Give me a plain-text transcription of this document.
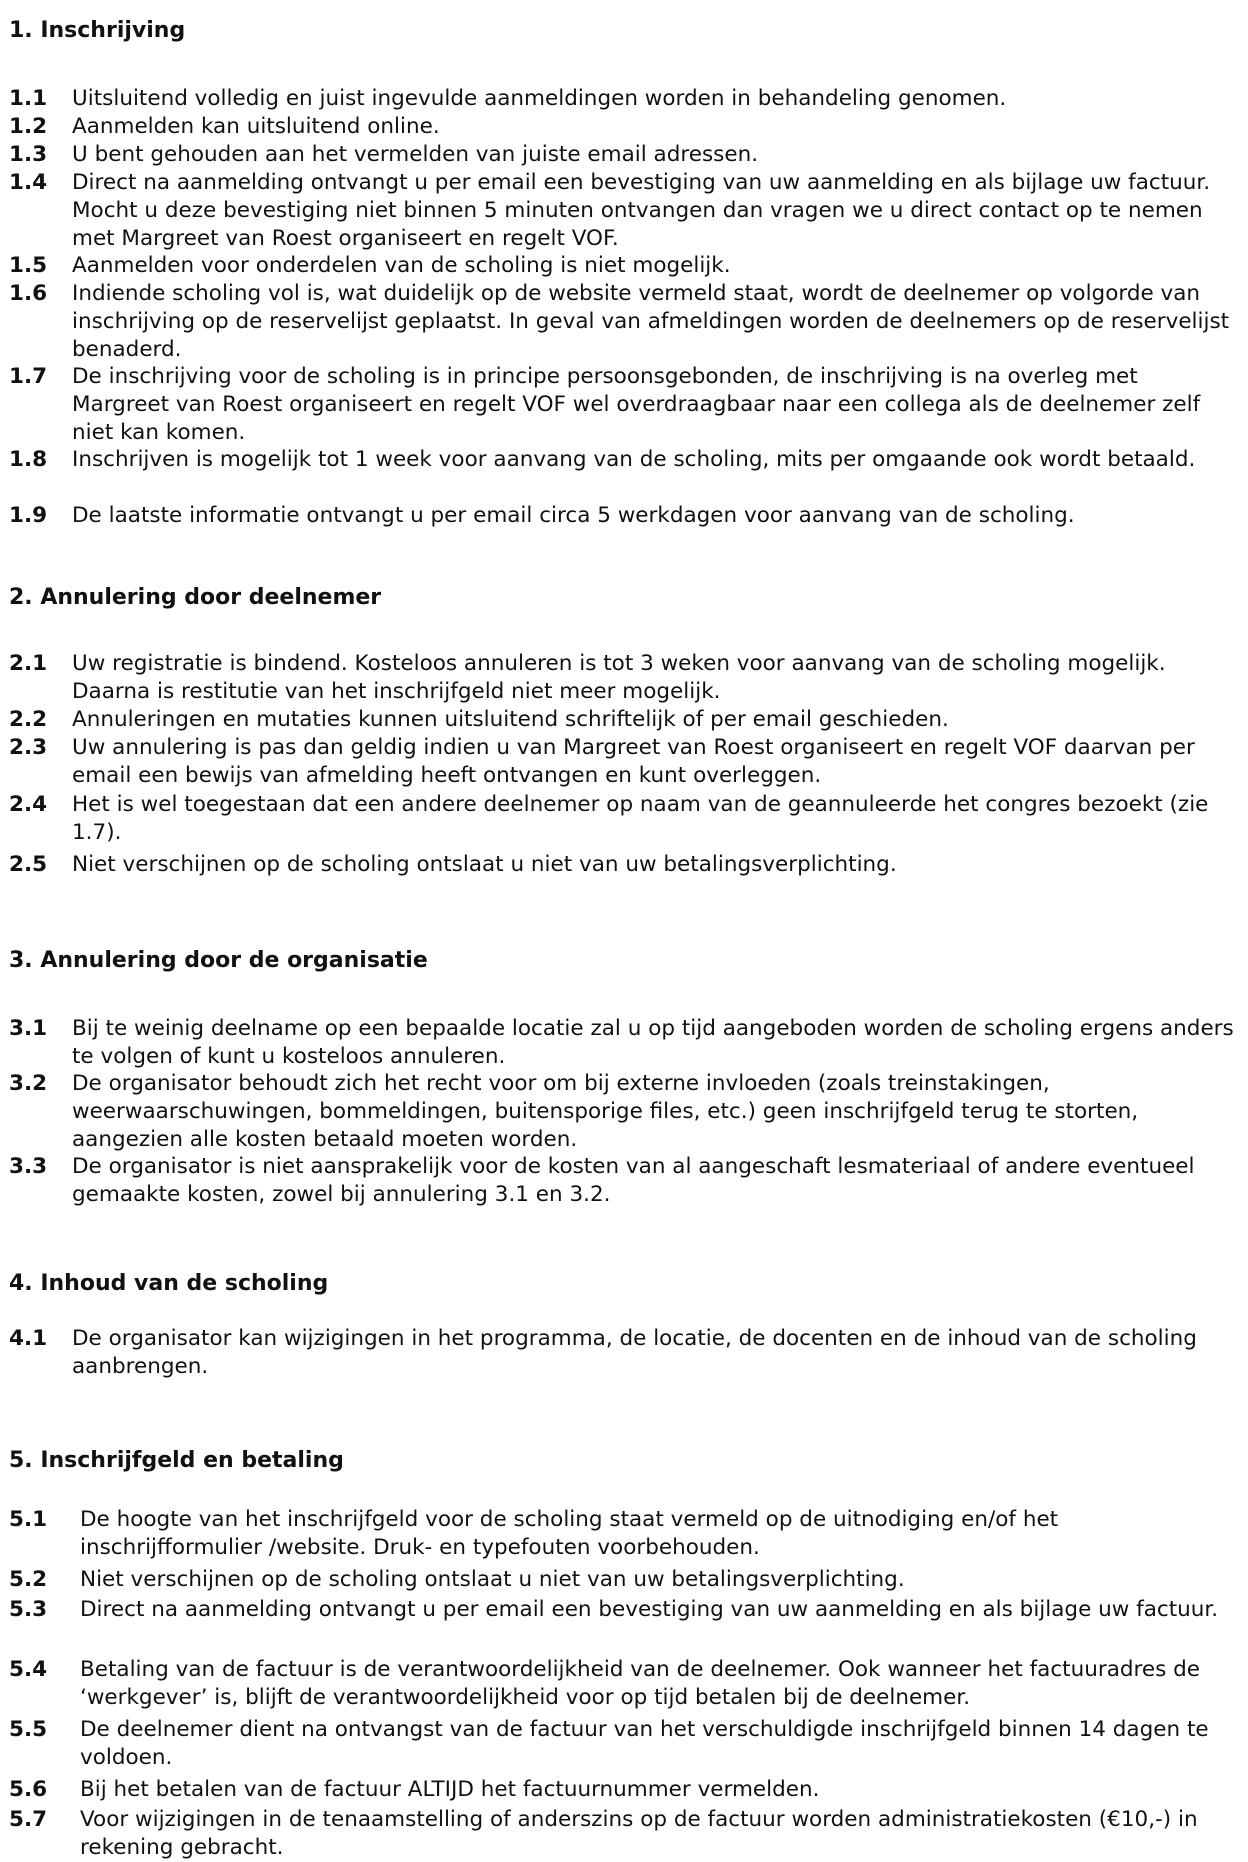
1. Inschrijving
1.1 Uitsluitend volledig en juist ingevulde aanmeldingen worden in behandeling genomen.
1.2 Aanmelden kan uitsluitend online.
1.3 U bent gehouden aan het vermelden van juiste email adressen.
1.4 Direct na aanmelding ontvangt u per email een bevestiging van uw aanmelding en als bijlage uw factuur. Mocht u deze bevestiging niet binnen 5 minuten ontvangen dan vragen we u direct contact op te nemen met Margreet van Roest organiseert en regelt VOF.
1.5 Aanmelden voor onderdelen van de scholing is niet mogelijk.
1.6 Indiende scholing vol is, wat duidelijk op de website vermeld staat, wordt de deelnemer op volgorde van inschrijving op de reservelijst geplaatst. In geval van afmeldingen worden de deelnemers op de reservelijst benaderd.
1.7 De inschrijving voor de scholing is in principe persoonsgebonden, de inschrijving is na overleg met Margreet van Roest organiseert en regelt VOF wel overdraagbaar naar een collega als de deelnemer zelf niet kan komen.
1.8 Inschrijven is mogelijk tot 1 week voor aanvang van de scholing, mits per omgaande ook wordt betaald.
1.9 De laatste informatie ontvangt u per email circa 5 werkdagen voor aanvang van de scholing.
2. Annulering door deelnemer
2.1 Uw registratie is bindend. Kosteloos annuleren is tot 3 weken voor aanvang van de scholing mogelijk. Daarna is restitutie van het inschrijfgeld niet meer mogelijk.
2.2 Annuleringen en mutaties kunnen uitsluitend schriftelijk of per email geschieden.
2.3 Uw annulering is pas dan geldig indien u van Margreet van Roest organiseert en regelt VOF daarvan per email een bewijs van afmelding heeft ontvangen en kunt overleggen.
2.4 Het is wel toegestaan dat een andere deelnemer op naam van de geannuleerde het congres bezoekt (zie 1.7).
2.5 Niet verschijnen op de scholing ontslaat u niet van uw betalingsverplichting.
3. Annulering door de organisatie
3.1 Bij te weinig deelname op een bepaalde locatie zal u op tijd aangeboden worden de scholing ergens anders te volgen of kunt u kosteloos annuleren.
3.2 De organisator behoudt zich het recht voor om bij externe invloeden (zoals treinstakingen, weerwaarschuwingen, bommeldingen, buitensporige files, etc.) geen inschrijfgeld terug te storten, aangezien alle kosten betaald moeten worden.
3.3 De organisator is niet aansprakelijk voor de kosten van al aangeschaft lesmateriaal of andere eventueel gemaakte kosten, zowel bij annulering 3.1 en 3.2.
4. Inhoud van de scholing
4.1 De organisator kan wijzigingen in het programma, de locatie, de docenten en de inhoud van de scholing aanbrengen.
5. Inschrijfgeld en betaling
5.1 De hoogte van het inschrijfgeld voor de scholing staat vermeld op de uitnodiging en/of het inschrijfformulier /website. Druk- en typefouten voorbehouden.
5.2 Niet verschijnen op de scholing ontslaat u niet van uw betalingsverplichting.
5.3 Direct na aanmelding ontvangt u per email een bevestiging van uw aanmelding en als bijlage uw factuur.
5.4 Betaling van de factuur is de verantwoordelijkheid van de deelnemer. Ook wanneer het factuuradres de ‘werkgever’ is, blijft de verantwoordelijkheid voor op tijd betalen bij de deelnemer.
5.5 De deelnemer dient na ontvangst van de factuur van het verschuldigde inschrijfgeld binnen 14 dagen te voldoen.
5.6 Bij het betalen van de factuur ALTIJD het factuurnummer vermelden.
5.7 Voor wijzigingen in de tenaamstelling of anderszins op de factuur worden administratiekosten (€10,-) in rekening gebracht.
